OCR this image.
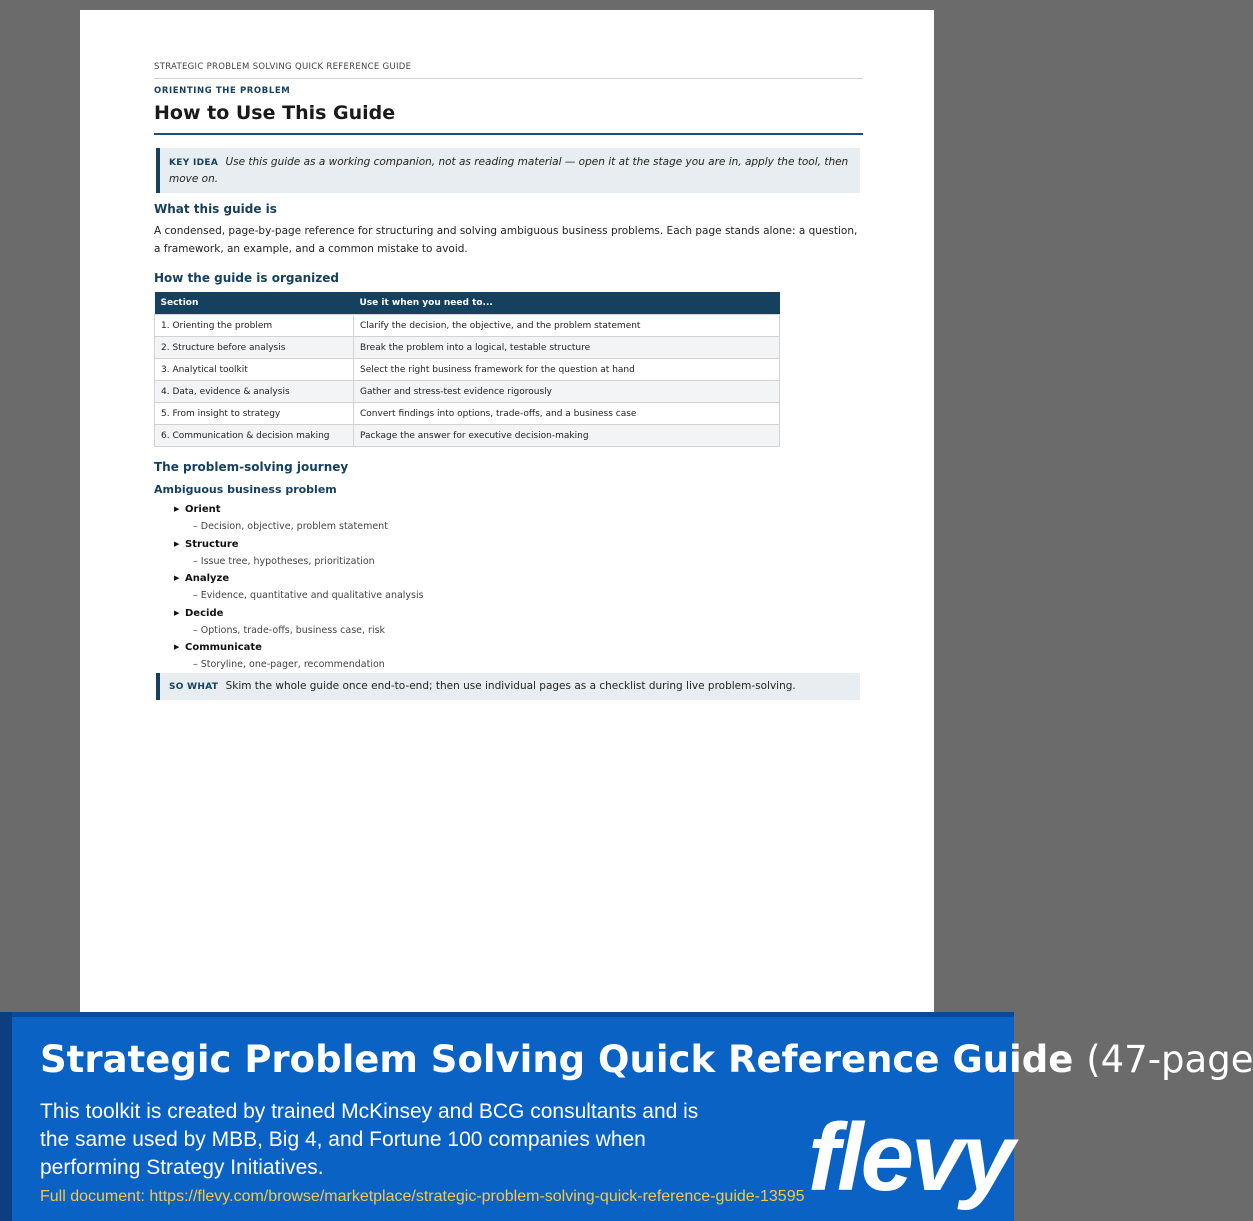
STRATEGIC PROBLEM SOLVING QUICK REFERENCE GUIDE
ORIENTING THE PROBLEM
How to Use This Guide
KEY IDEA Use this guide as a working companion, not as reading material — open it at the stage you are in, apply the tool, then move on.
What this guide is
A condensed, page-by-page reference for structuring and solving ambiguous business problems. Each page stands alone: a question, a framework, an example, and a common mistake to avoid.
How the guide is organized
Section	Use it when you need to...
1. Orienting the problem	Clarify the decision, the objective, and the problem statement
2. Structure before analysis	Break the problem into a logical, testable structure
3. Analytical toolkit	Select the right business framework for the question at hand
4. Data, evidence & analysis	Gather and stress-test evidence rigorously
5. From insight to strategy	Convert findings into options, trade-offs, and a business case
6. Communication & decision making	Package the answer for executive decision-making
The problem-solving journey
Ambiguous business problem
▶ Orient
– Decision, objective, problem statement
▶ Structure
– Issue tree, hypotheses, prioritization
▶ Analyze
– Evidence, quantitative and qualitative analysis
▶ Decide
– Options, trade-offs, business case, risk
▶ Communicate
– Storyline, one-pager, recommendation
SO WHAT Skim the whole guide once end-to-end; then use individual pages as a checklist during live problem-solving.
Strategic Problem Solving Quick Reference Guide (47-page
This toolkit is created by trained McKinsey and BCG consultants and is the same used by MBB, Big 4, and Fortune 100 companies when performing Strategy Initiatives.
Full document: https://flevy.com/browse/marketplace/strategic-problem-solving-quick-reference-guide-13595 flevy
